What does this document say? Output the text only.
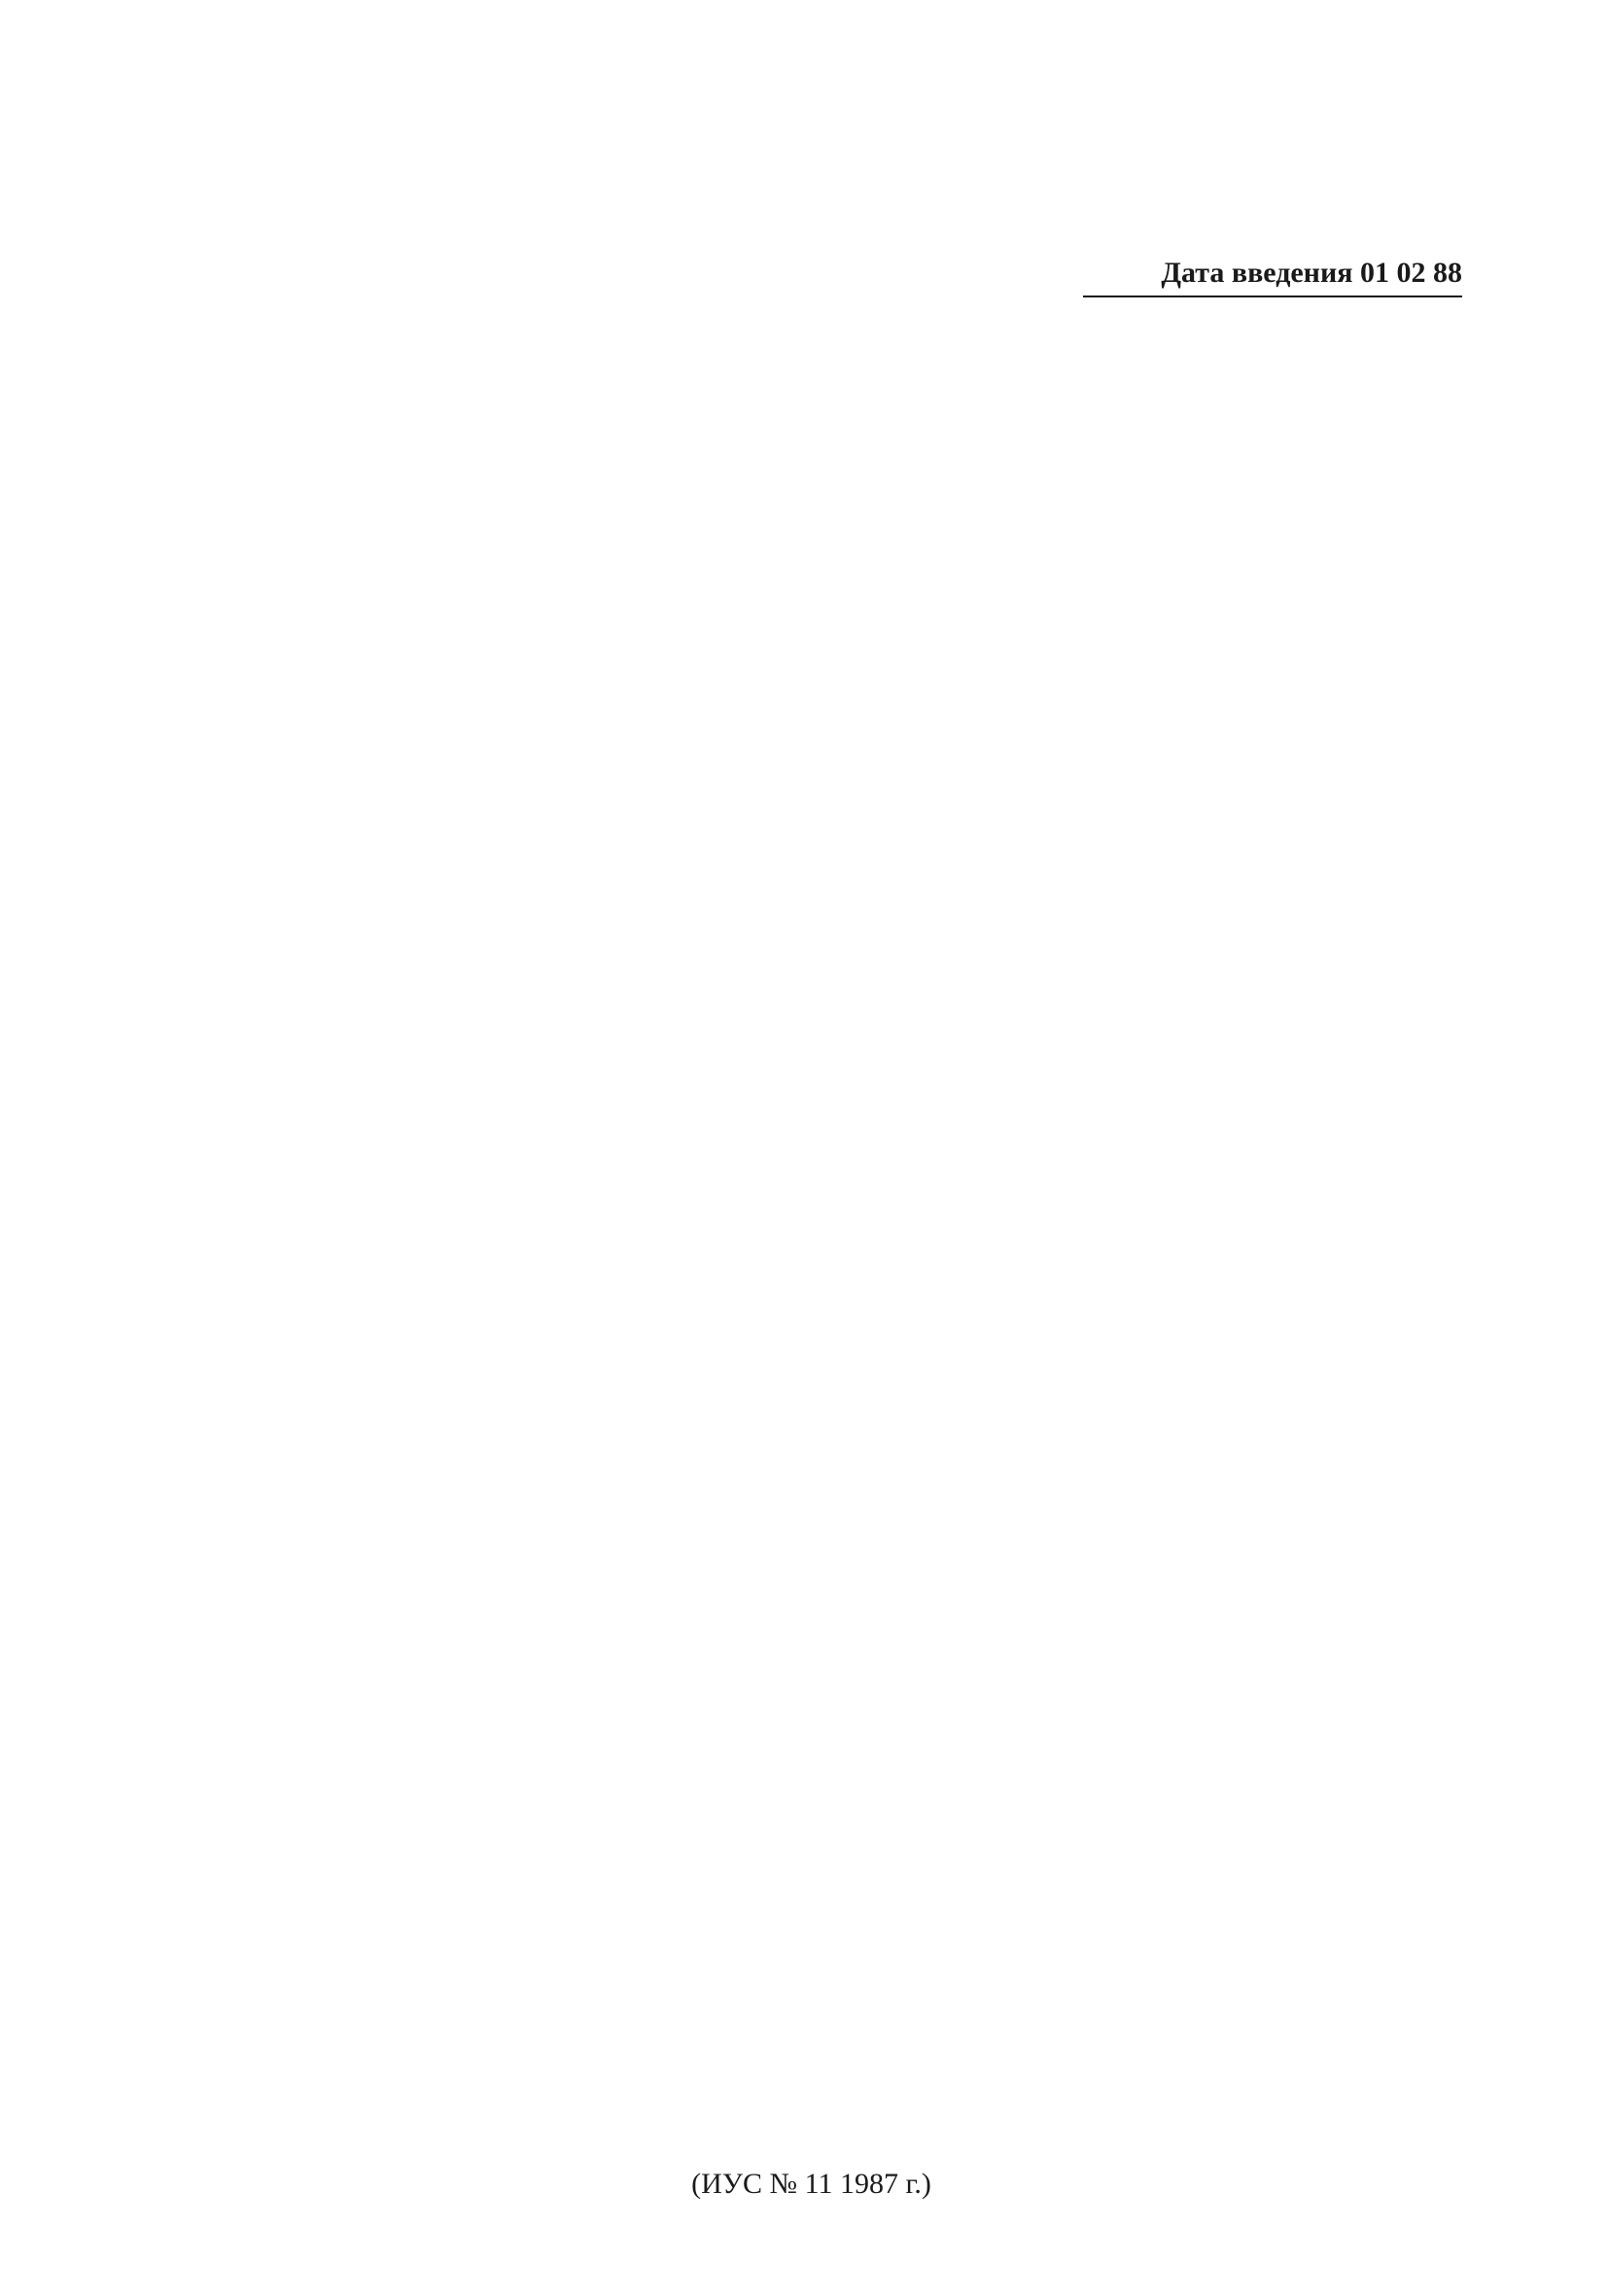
Дата введения 01 02 88
(ИУС № 11 1987 г.)
